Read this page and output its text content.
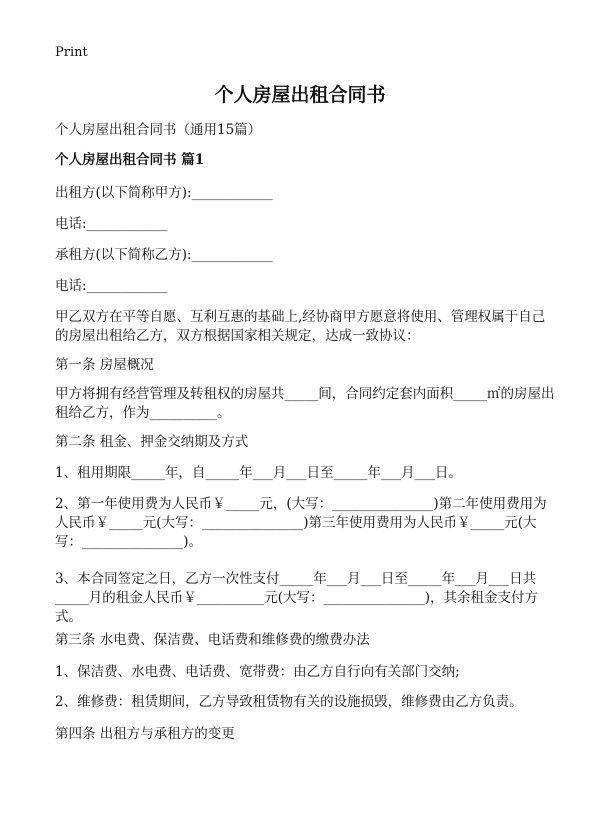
Print
个人房屋出租合同书

个人房屋出租合同书（通用15篇）

个人房屋出租合同书 篇1

出租方(以下简称甲方):____________

电话:____________

承租方(以下简称乙方):____________

电话:____________

甲乙双方在平等自愿、互利互惠的基础上,经协商甲方愿意将使用、管理权属于自己的房屋出租给乙方，双方根据国家相关规定，达成一致协议：

第一条 房屋概况

甲方将拥有经营管理及转租权的房屋共_____间，合同约定套内面积_____㎡的房屋出租给乙方，作为__________。

第二条 租金、押金交纳期及方式

1、租用期限_____年，自_____年___月___日至_____年___月___日。

2、第一年使用费为人民币￥_____元，(大写：_______________)第二年使用费用为人民币￥_____元(大写：_______________)第三年使用费用为人民币￥_____元(大写：_______________)。

3、本合同签定之日，乙方一次性支付_____年___月___日至_____年___月___日共_____月的租金人民币￥__________元(大写：_______________)，其余租金支付方式。

第三条 水电费、保洁费、电话费和维修费的缴费办法

1、保洁费、水电费、电话费、宽带费：由乙方自行向有关部门交纳;

2、维修费：租赁期间，乙方导致租赁物有关的设施损毁，维修费由乙方负责。

第四条 出租方与承租方的变更
